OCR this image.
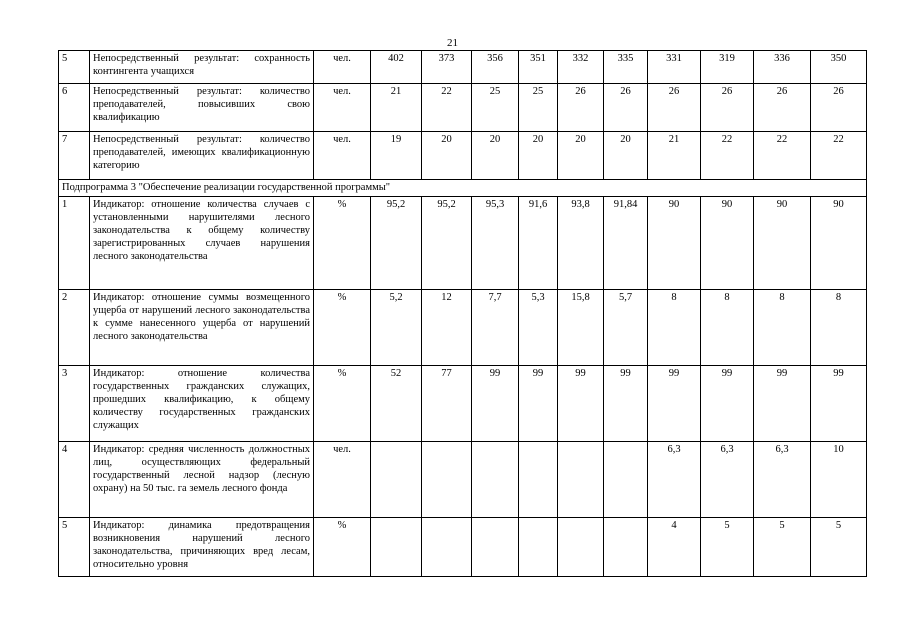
21
5	Непосредственный результат: сохранность контингента учащихся	чел.	402	373	356	351	332	335	331	319	336	350
6	Непосредственный результат: количество преподавателей, повысивших свою квалификацию	чел.	21	22	25	25	26	26	26	26	26	26
7	Непосредственный результат: количество преподавателей, имеющих квалификационную категорию	чел.	19	20	20	20	20	20	21	22	22	22
Подпрограмма 3 "Обеспечение реализации государственной программы"												
1	Индикатор: отношение количества случаев с установленными нарушителями лесного законодательства к общему количеству зарегистрированных случаев нарушения лесного законодательства	%	95,2	95,2	95,3	91,6	93,8	91,84	90	90	90	90
2	Индикатор: отношение суммы возмещенного ущерба от нарушений лесного законодательства к сумме нанесенного ущерба от нарушений лесного законодательства	%	5,2	12	7,7	5,3	15,8	5,7	8	8	8	8
3	Индикатор: отношение количества государственных гражданских служащих, прошедших квалификацию, к общему количеству государственных гражданских служащих	%	52	77	99	99	99	99	99	99	99	99
4	Индикатор: средняя численность должностных лиц, осуществляющих федеральный государственный лесной надзор (лесную охрану) на 50 тыс. га земель лесного фонда	чел.							6,3	6,3	6,3	10
5	Индикатор: динамика предотвращения возникновения нарушений лесного законодательства, причиняющих вред лесам, относительно уровня	%							4	5	5	5
